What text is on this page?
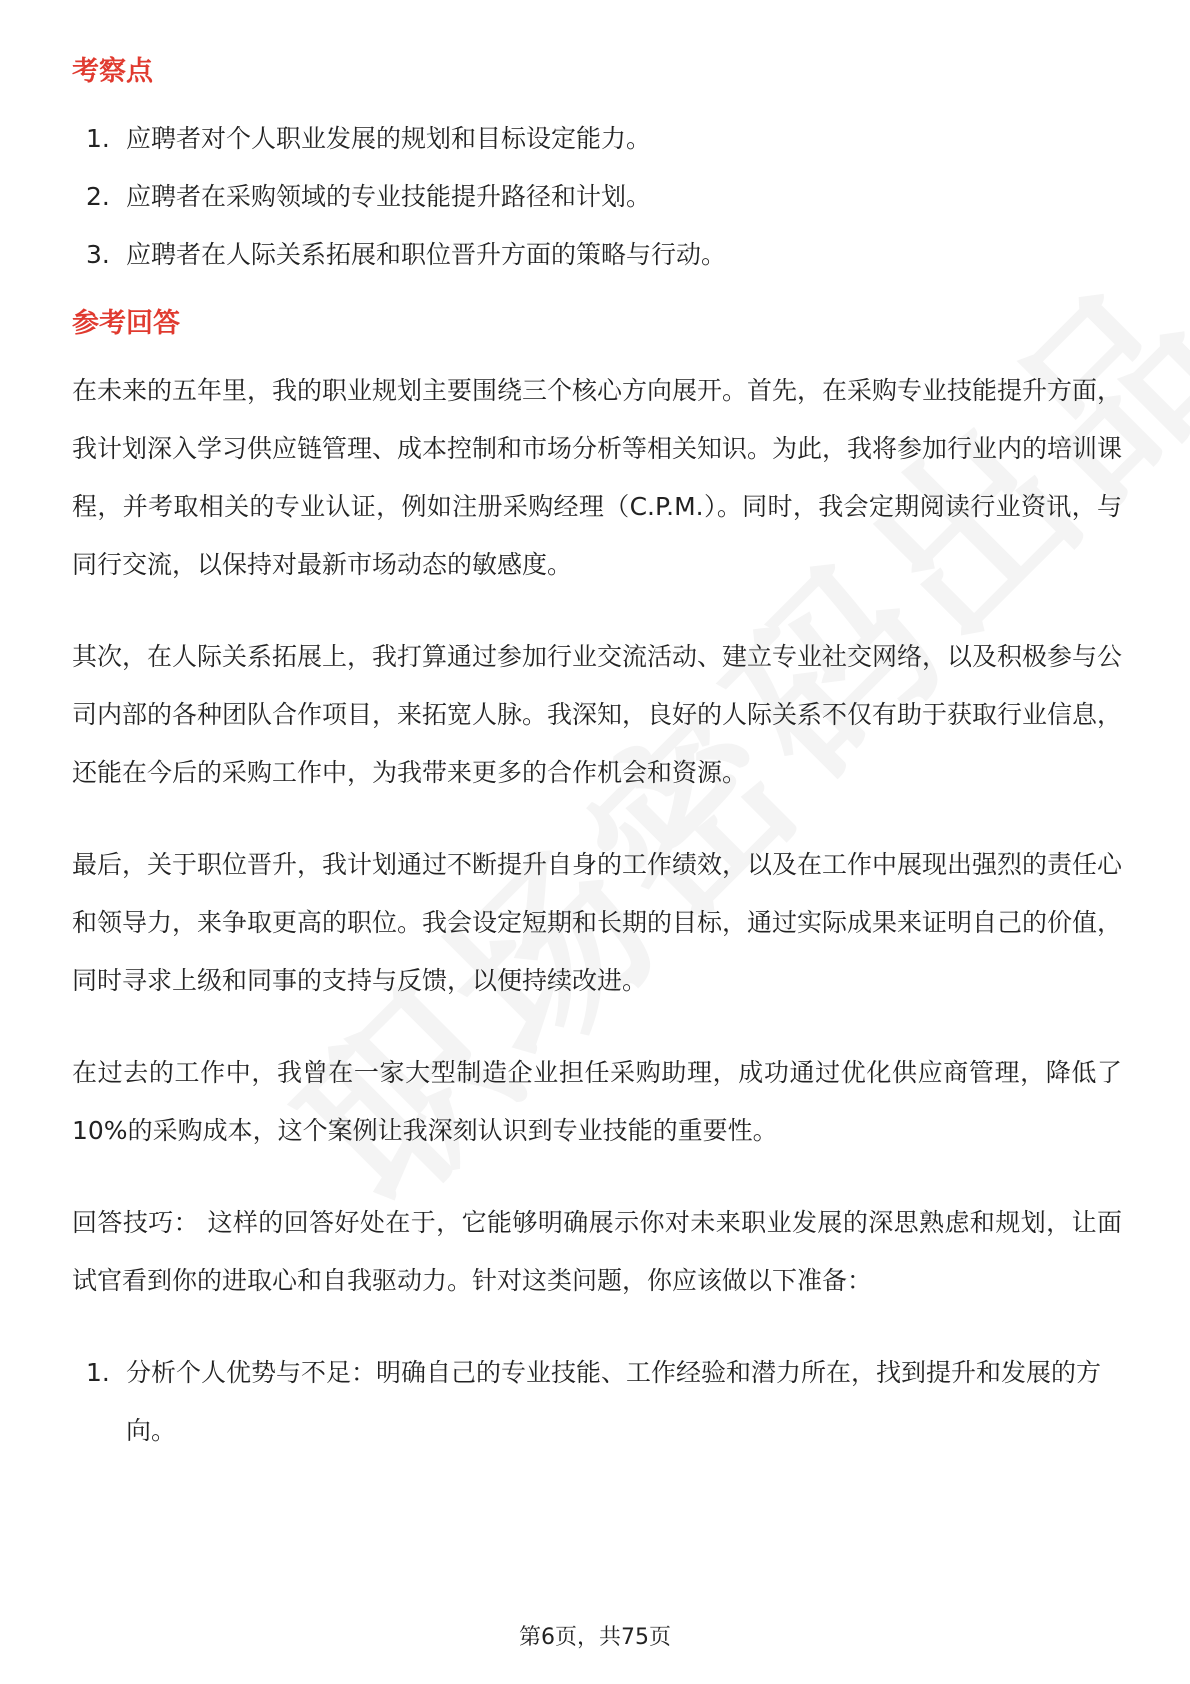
考察点
1. 应聘者对个人职业发展的规划和目标设定能力。
2. 应聘者在采购领域的专业技能提升路径和计划。
3. 应聘者在人际关系拓展和职位晋升方面的策略与行动。
参考回答

在未来的五年里，我的职业规划主要围绕三个核心方向展开。首先，在采购专业技能提升方面，我计划深入学习供应链管理、成本控制和市场分析等相关知识。为此，我将参加行业内的培训课程，并考取相关的专业认证，例如注册采购经理（C.P.M.）。同时，我会定期阅读行业资讯，与同行交流，以保持对最新市场动态的敏感度。

其次，在人际关系拓展上，我打算通过参加行业交流活动、建立专业社交网络，以及积极参与公司内部的各种团队合作项目，来拓宽人脉。我深知，良好的人际关系不仅有助于获取行业信息，还能在今后的采购工作中，为我带来更多的合作机会和资源。

最后，关于职位晋升，我计划通过不断提升自身的工作绩效，以及在工作中展现出强烈的责任心和领导力，来争取更高的职位。我会设定短期和长期的目标，通过实际成果来证明自己的价值，同时寻求上级和同事的支持与反馈，以便持续改进。

在过去的工作中，我曾在一家大型制造企业担任采购助理，成功通过优化供应商管理，降低了10%的采购成本，这个案例让我深刻认识到专业技能的重要性。

回答技巧： 这样的回答好处在于，它能够明确展示你对未来职业发展的深思熟虑和规划，让面试官看到你的进取心和自我驱动力。针对这类问题，你应该做以下准备：

1. 分析个人优势与不足：明确自己的专业技能、工作经验和潜力所在，找到提升和发展的方向。
第6页，共75页
